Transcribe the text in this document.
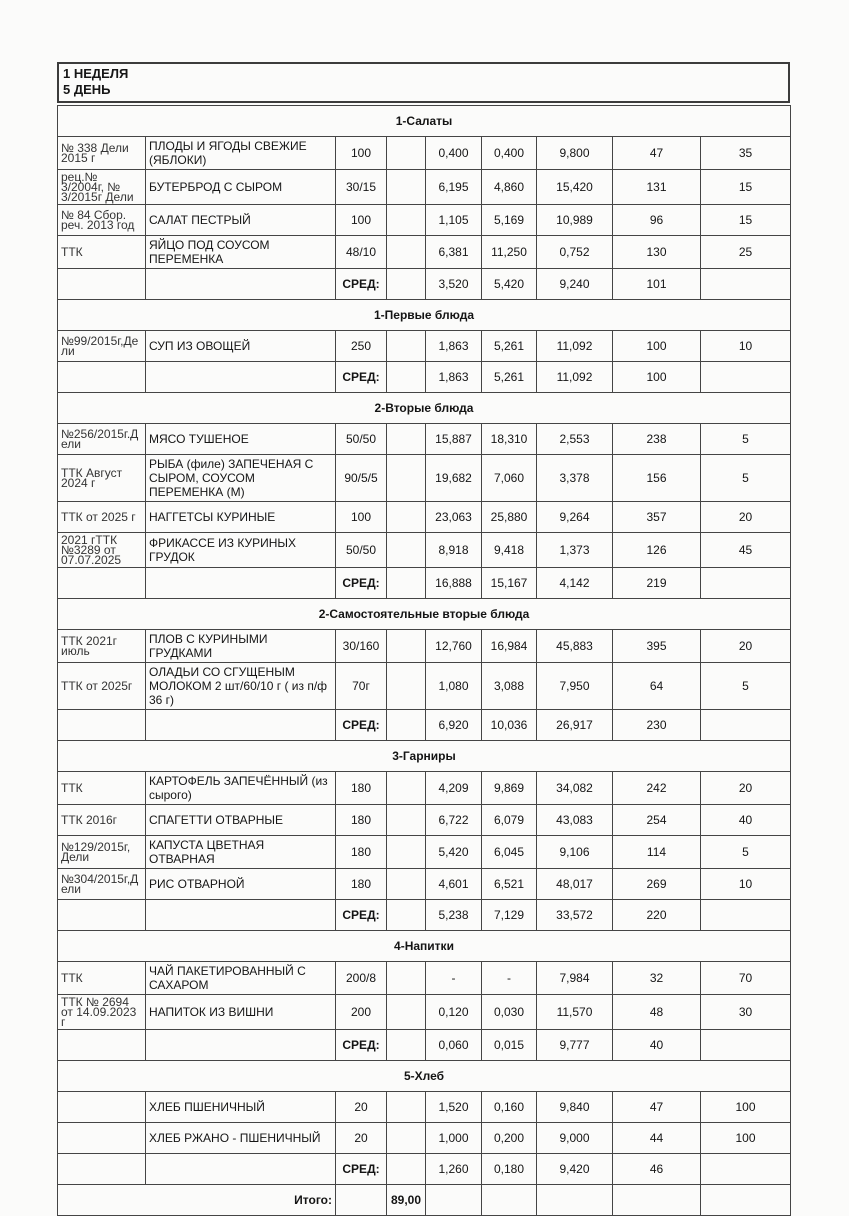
1 НЕДЕЛЯ
5 ДЕНЬ
1-Салаты								
№ 338 Дели 2015 г	ПЛОДЫ И ЯГОДЫ СВЕЖИЕ (ЯБЛОКИ)	100		0,400	0,400	9,800	47	35
рец.№ 3/2004г, № 3/2015г Дели	БУТЕРБРОД С СЫРОМ	30/15		6,195	4,860	15,420	131	15
№ 84 Сбор. реч. 2013 год	САЛАТ ПЕСТРЫЙ	100		1,105	5,169	10,989	96	15
ТТК	ЯЙЦО ПОД СОУСОМ ПЕРЕМЕНКА	48/10		6,381	11,250	0,752	130	25
		СРЕД:		3,520	5,420	9,240	101	
1-Первые блюда								
№99/2015г,Дели	СУП ИЗ ОВОЩЕЙ	250		1,863	5,261	11,092	100	10
		СРЕД:		1,863	5,261	11,092	100	
2-Вторые блюда								
№256/2015г.Дели	МЯСО ТУШЕНОЕ	50/50		15,887	18,310	2,553	238	5
ТТК Август 2024 г	РЫБА (филе) ЗАПЕЧЕНАЯ С СЫРОМ, СОУСОМ ПЕРЕМЕНКА (М)	90/5/5		19,682	7,060	3,378	156	5
ТТК от 2025 г	НАГГЕТСЫ КУРИНЫЕ	100		23,063	25,880	9,264	357	20
2021 гТТК №3289 от 07.07.2025	ФРИКАССЕ ИЗ КУРИНЫХ ГРУДОК	50/50		8,918	9,418	1,373	126	45
		СРЕД:		16,888	15,167	4,142	219	
2-Самостоятельные вторые блюда								
ТТК 2021г июль	ПЛОВ С КУРИНЫМИ ГРУДКАМИ	30/160		12,760	16,984	45,883	395	20
ТТК от 2025г	ОЛАДЬИ СО СГУЩЕНЫМ МОЛОКОМ 2 шт/60/10 г ( из п/ф 36 г)	70г		1,080	3,088	7,950	64	5
		СРЕД:		6,920	10,036	26,917	230	
3-Гарниры								
ТТК	КАРТОФЕЛЬ ЗАПЕЧЁННЫЙ (из сырого)	180		4,209	9,869	34,082	242	20
ТТК 2016г	СПАГЕТТИ ОТВАРНЫЕ	180		6,722	6,079	43,083	254	40
№129/2015г, Дели	КАПУСТА ЦВЕТНАЯ ОТВАРНАЯ	180		5,420	6,045	9,106	114	5
№304/2015г,Дели	РИС ОТВАРНОЙ	180		4,601	6,521	48,017	269	10
		СРЕД:		5,238	7,129	33,572	220	
4-Напитки								
ТТК	ЧАЙ ПАКЕТИРОВАННЫЙ С САХАРОМ	200/8		-	-	7,984	32	70
ТТК № 2694 от 14.09.2023 г	НАПИТОК ИЗ ВИШНИ	200		0,120	0,030	11,570	48	30
		СРЕД:		0,060	0,015	9,777	40	
5-Хлеб								
	ХЛЕБ ПШЕНИЧНЫЙ	20		1,520	0,160	9,840	47	100
	ХЛЕБ РЖАНО - ПШЕНИЧНЫЙ	20		1,000	0,200	9,000	44	100
		СРЕД:		1,260	0,180	9,420	46	
Итого:			89,00					
